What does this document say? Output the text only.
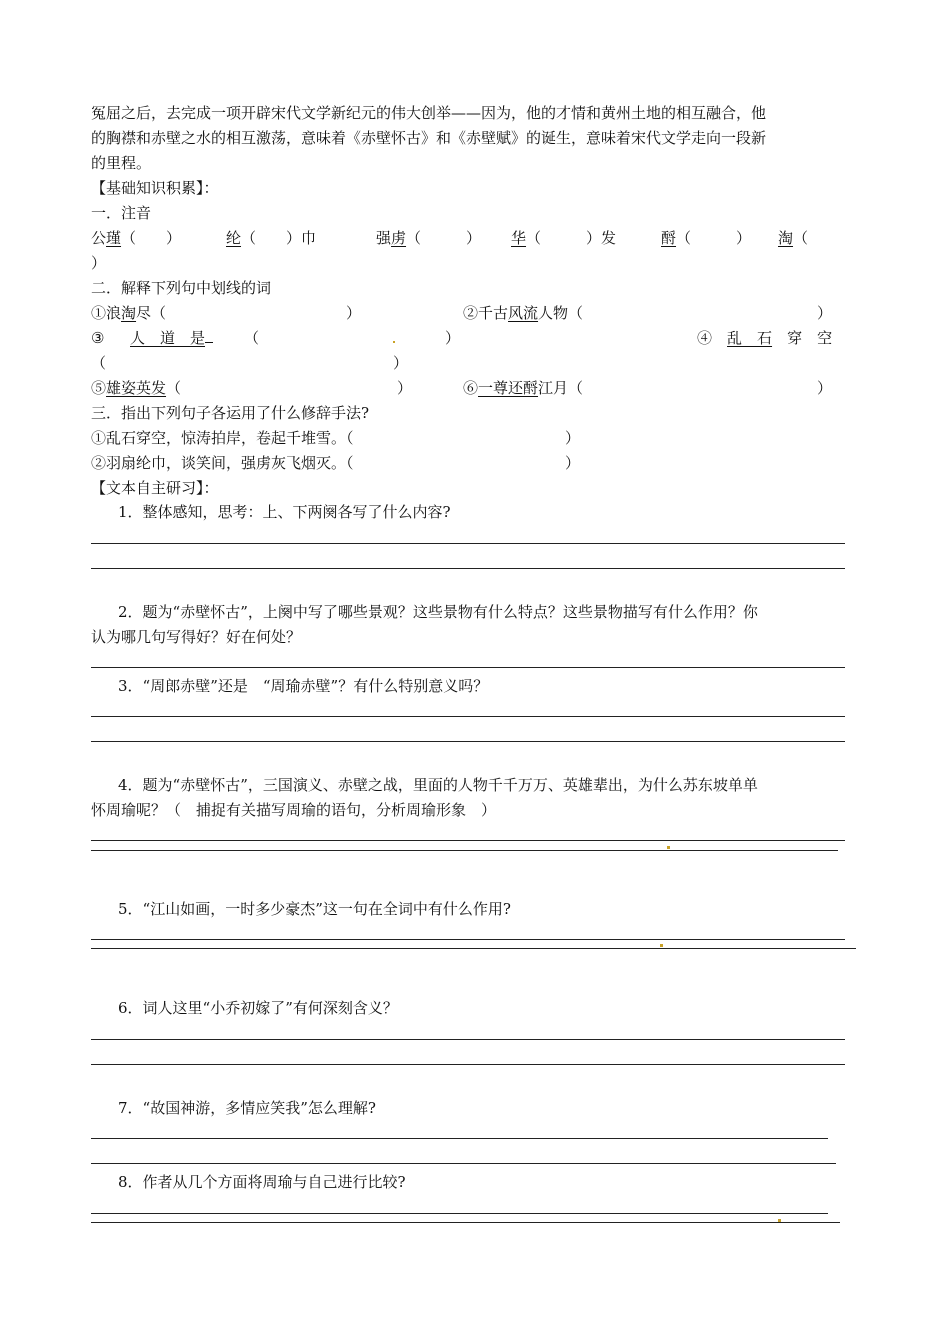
冤屈之后，去完成一项开辟宋代文学新纪元的伟大创举——因为，他的才情和黄州土地的相互融合，他
的胸襟和赤壁之水的相互激荡，意味着《赤壁怀古》和《赤壁赋》的诞生，意味着宋代文学走向一段新
的里程。
【基础知识积累】：
一．注音
公瑾（　　）	纶（　　）巾	强虏（　　　） 华（　　　）发	酹（　　　） 淘（
）
二．解释下列句中划线的词
①浪淘尽（	）	②千古风流人物（	）
③ 人　道　是	（	）	④　 乱　石　 穿　空
（	）
⑤雄姿英发（	）	⑥一尊还酹江月（	）
三．指出下列句子各运用了什么修辞手法?
①乱石穿空，惊涛拍岸，卷起千堆雪。（	）
②羽扇纶巾，谈笑间，强虏灰飞烟灭。（	）
【文本自主研习】：
1．整体感知，思考：上、下两阕各写了什么内容?
2．题为“赤壁怀古”，上阕中写了哪些景观？这些景物有什么特点？这些景物描写有什么作用？你
认为哪几句写得好？好在何处？
3．“周郎赤壁”还是　“周瑜赤壁”？有什么特别意义吗？
4．题为“赤壁怀古”，三国演义、赤壁之战，里面的人物千千万万、英雄辈出，为什么苏东坡单单
怀周瑜呢？（　捕捉有关描写周瑜的语句，分析周瑜形象　）
5．“江山如画，一时多少豪杰”这一句在全词中有什么作用?
6．词人这里“小乔初嫁了”有何深刻含义？
7．“故国神游，多情应笑我”怎么理解?
8．作者从几个方面将周瑜与自己进行比较?
